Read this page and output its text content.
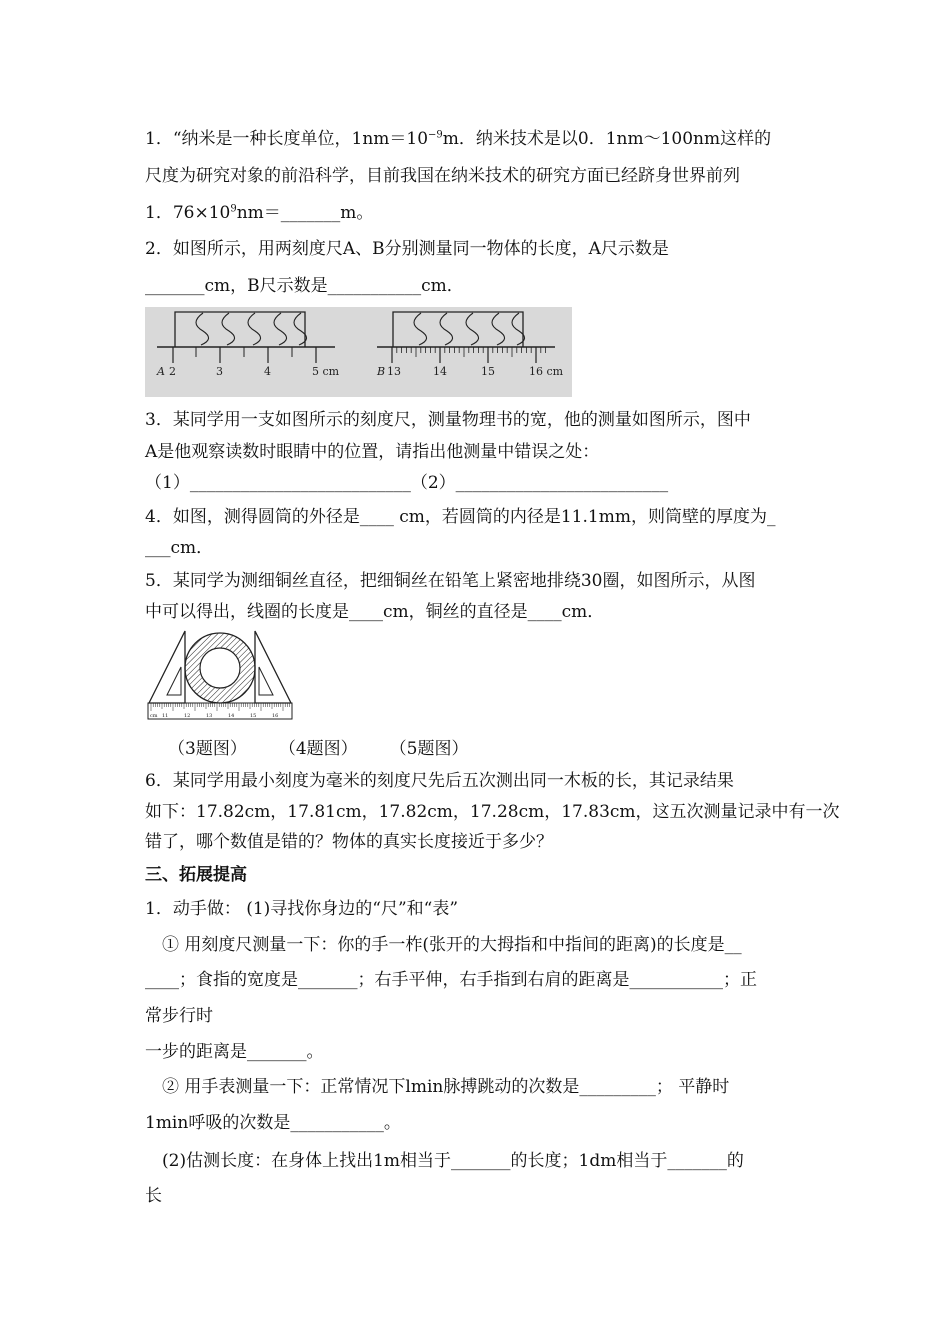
1．“纳米是一种长度单位，$1nm=10^{-9}m$．纳米技术是以0．1nm～100nm这样的
尺度为研究对象的前沿科学，目前我国在纳米技术的研究方面已经跻身世界前列
1．$76\times 10^9nm=\_\_\_\_\_\_\_m$。
2．如图所示，用两刻度尺A、B分别测量同一物体的长度，A尺示数是
_______cm，B尺示数是___________cm．
A 2	3	4	5 cm	B 13	14	15	16 cm
3．某同学用一支如图所示的刻度尺，测量物理书的宽，他的测量如图所示，图中
A是他观察读数时眼睛中的位置，请指出他测量中错误之处：
（1）__________________________（2）_________________________
4．如图，测得圆筒的外径是____ cm，若圆筒的内径是11.1mm，则筒壁的厚度为_
___cm．
5．某同学为测细铜丝直径，把细铜丝在铅笔上紧密地排绕30圈，如图所示，从图
中可以得出，线圈的长度是____cm，铜丝的直径是____cm．
cm 11	12	13	14	15	16
（3题图） （4题图） （5题图）
6．某同学用最小刻度为毫米的刻度尺先后五次测出同一木板的长，其记录结果
如下：17.82cm，17.81cm，17.82cm，17.28cm，17.83cm，这五次测量记录中有一次
错了，哪个数值是错的？物体的真实长度接近于多少？
三、拓展提高
1．动手做： (1)寻找你身边的“尺”和“表”
① 用刻度尺测量一下：你的手一柞(张开的大拇指和中指间的距离)的长度是__
____；食指的宽度是_______；右手平伸，右手指到右肩的距离是___________；正
常步行时
一步的距离是_______。
② 用手表测量一下：正常情况下lmin脉搏跳动的次数是_________； 平静时
1min呼吸的次数是___________。
(2)估测长度：在身体上找出1m相当于_______的长度；1dm相当于_______的
长
